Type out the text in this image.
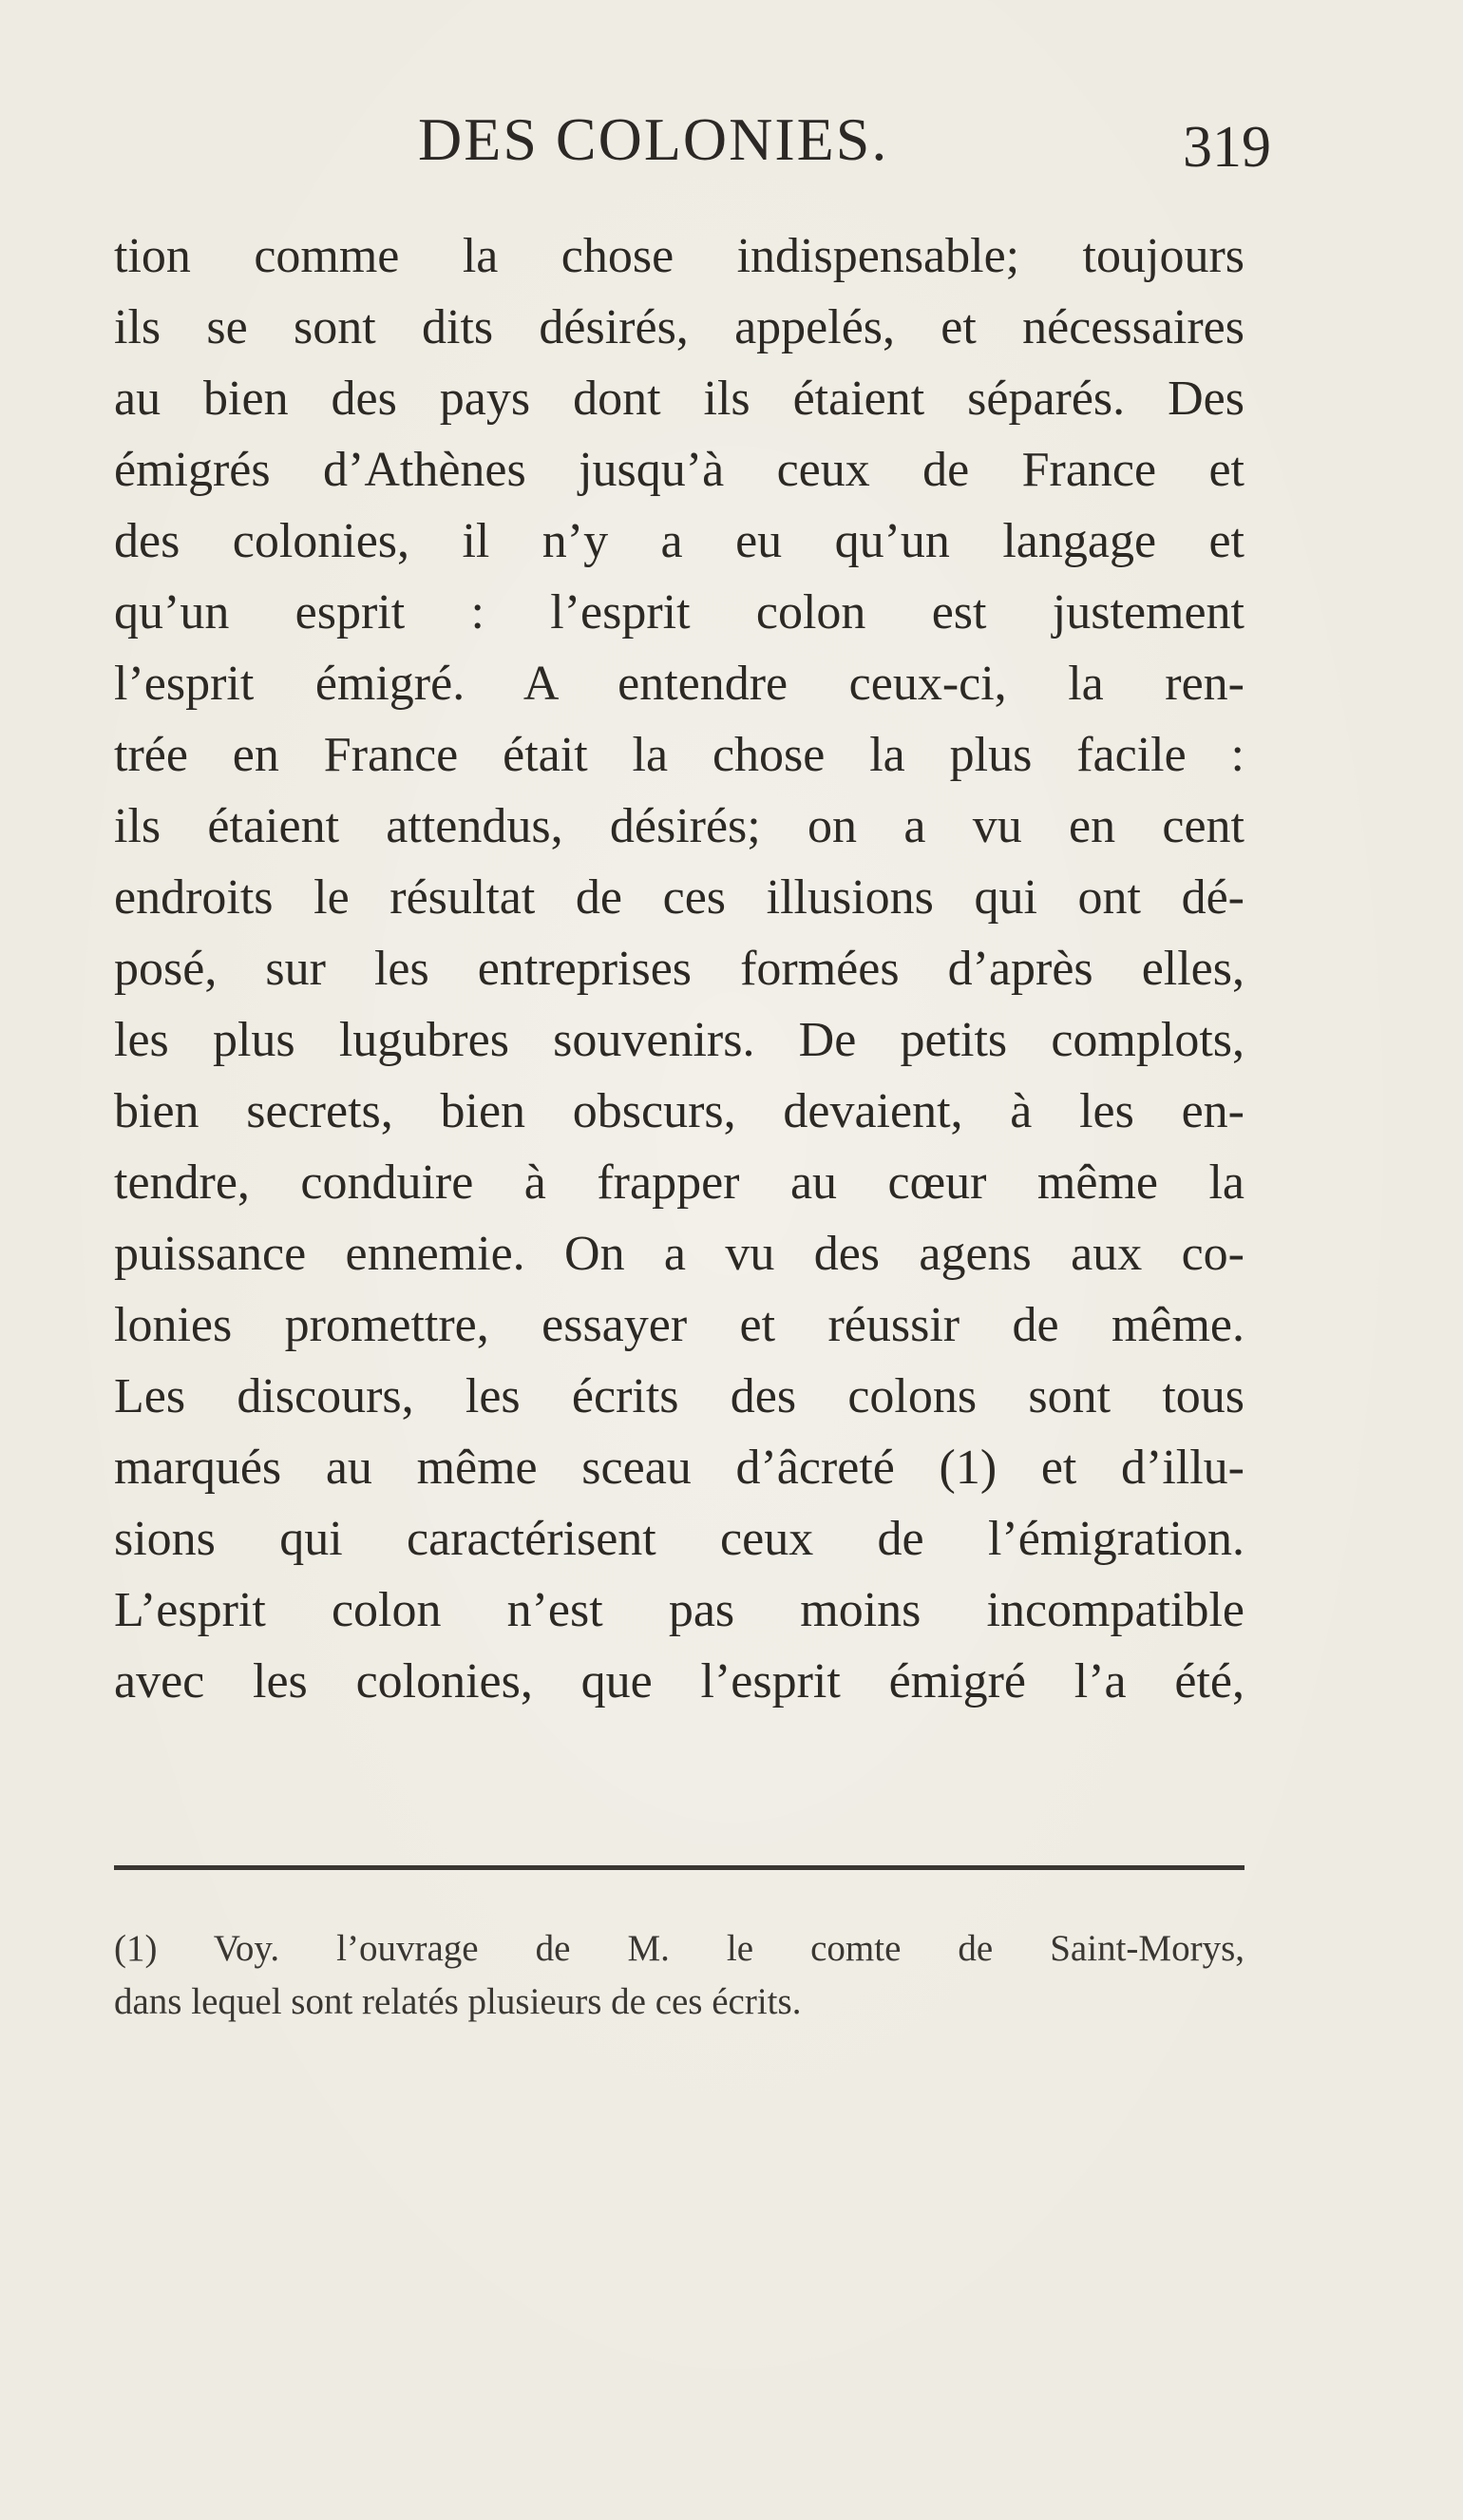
DES COLONIES.	319
tion comme la chose indispensable; toujours
ils se sont dits désirés, appelés, et nécessaires
au bien des pays dont ils étaient séparés. Des
émigrés d’Athènes jusqu’à ceux de France et
des colonies, il n’y a eu qu’un langage et
qu’un esprit : l’esprit colon est justement
l’esprit émigré. A entendre ceux-ci, la ren-
trée en France était la chose la plus facile :
ils étaient attendus, désirés; on a vu en cent
endroits le résultat de ces illusions qui ont dé-
posé, sur les entreprises formées d’après elles,
les plus lugubres souvenirs. De petits complots,
bien secrets, bien obscurs, devaient, à les en-
tendre, conduire à frapper au cœur même la
puissance ennemie. On a vu des agens aux co-
lonies promettre, essayer et réussir de même.
Les discours, les écrits des colons sont tous
marqués au même sceau d’âcreté (1) et d’illu-
sions qui caractérisent ceux de l’émigration.
L’esprit colon n’est pas moins incompatible
avec les colonies, que l’esprit émigré l’a été,
(1) Voy. l’ouvrage de M. le comte de Saint-Morys,
dans lequel sont relatés plusieurs de ces écrits.
